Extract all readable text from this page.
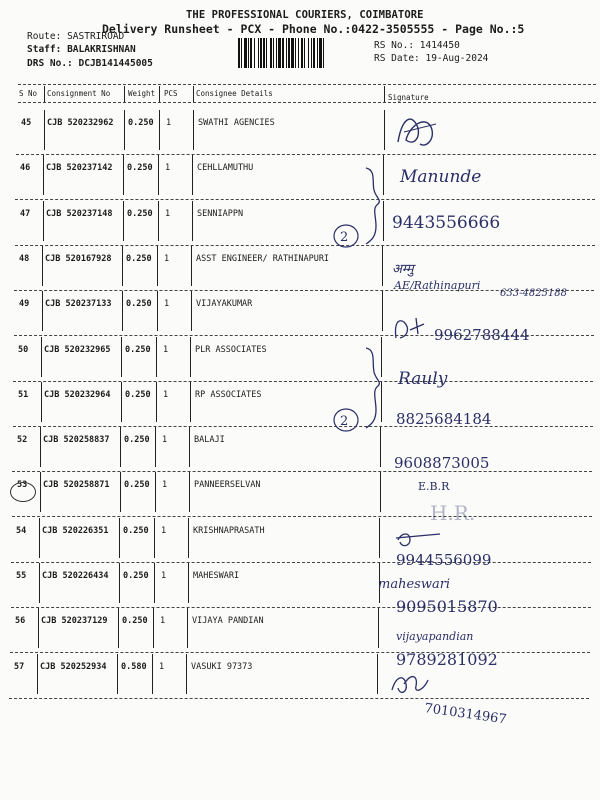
THE PROFESSIONAL COURIERS, COIMBATORE
Delivery Runsheet - PCX - Phone No.:0422-3505555 - Page No.:5
Route: SASTRIROAD
Staff: BALAKRISHNAN
DRS No.: DCJB141445005
RS No.: 1414450
RS Date: 19-Aug-2024
S No Consignment No Weight PCS Consignee Details	Signature
45 CJB 520232962 0.250 1	SWATHI AGENCIES
46 CJB 520237142 0.250 1	CEHLLAMUTHU
47 CJB 520237148 0.250 1	SENNIAPPN
48 CJB 520167928 0.250 1	ASST ENGINEER/ RATHINAPURI
49 CJB 520237133 0.250 1	VIJAYAKUMAR
50 CJB 520232965 0.250 1	PLR ASSOCIATES
51 CJB 520232964 0.250 1	RP ASSOCIATES
52 CJB 520258837 0.250 1	BALAJI
53 CJB 520258871 0.250 1	PANNEERSELVAN
54 CJB 520226351 0.250 1	KRISHNAPRASATH
55 CJB 520226434 0.250 1	MAHESWARI
56 CJB 520237129 0.250 1	VIJAYA PANDIAN
57 CJB 520252934 0.580 1	VASUKI 97373
2
Manunde
9443556666
अम्मु
AE/Rathinapuri
633-4825188
9962788444
2
Rauly
8825684184
9608873005
E.B.R
H.R.
9944556099
maheswari
9095015870
vijayapandian
9789281092
7010314967
